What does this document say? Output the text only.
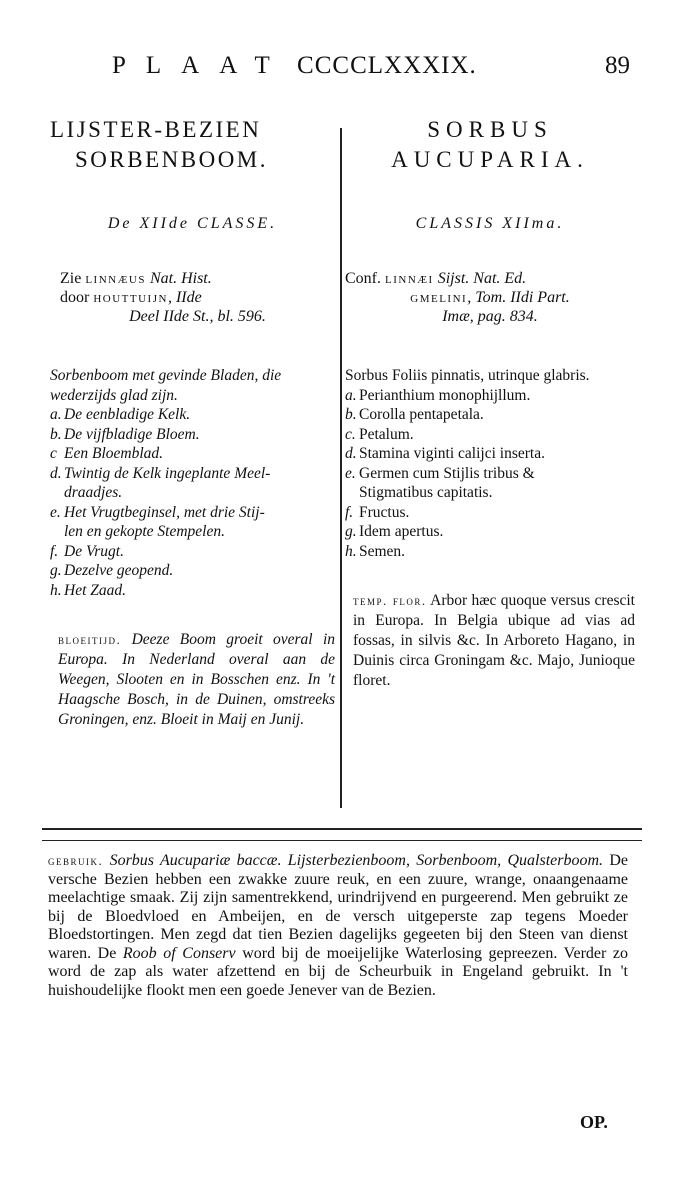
PLAAT CCCCLXXXIX.	89

LIJSTER-BEZIEN

SORBENBOOM.

De XIIde CLASSE.

Zie linnæus Nat. Hist.

door houttuijn, IIde

Deel IIde St., bl. 596.

Sorbenboom met gevinde Bladen, die wederzijds glad zijn.
a. De eenbladige Kelk.
b. De vijfbladige Bloem.
c Een Bloemblad.
d. Twintig de Kelk ingeplante Meel-
draadjes.
e. Het Vrugtbeginsel, met drie Stij-
len en gekopte Stempelen.
f. De Vrugt.
g. Dezelve geopend.
h. Het Zaad.
bloeitijd. Deeze Boom groeit overal in Europa. In Nederland overal aan de Weegen, Slooten en in Bosschen enz. In 't Haagsche Bosch, in de Duinen, omstreeks Groningen, enz. Bloeit in Maij en Junij.

SORBUS

AUCUPARIA.

CLASSIS XIIma.

Conf. linnæi Sijst. Nat. Ed.

gmelini, Tom. IIdi Part.

Imæ, pag. 834.

Sorbus Foliis pinnatis, utrinque glabris.
a. Perianthium monophijllum.
b. Corolla pentapetala.
c. Petalum.
d. Stamina viginti calijci inserta.
e. Germen cum Stijlis tribus &
Stigmatibus capitatis.
f. Fructus.
g. Idem apertus.
h. Semen.
temp. flor. Arbor hæc quoque versus crescit in Europa. In Belgia ubique ad vias ad fossas, in silvis &c. In Arboreto Hagano, in Duinis circa Groningam &c. Majo, Junioque floret.

gebruik. Sorbus Aucupariæ baccæ. Lijsterbezienboom, Sorbenboom, Qualsterboom. De versche Bezien hebben een zwakke zuure reuk, en een zuure, wrange, onaangenaame meelachtige smaak. Zij zijn samentrekkend, urindrijvend en purgeerend. Men gebruikt ze bij de Bloedvloed en Ambeijen, en de versch uitgeperste zap tegens Moeder Bloedstortingen. Men zegd dat tien Bezien dagelijks gegeeten bij den Steen van dienst waren. De Roob of Conserv word bij de moeijelijke Waterlosing gepreezen. Verder zo word de zap als water afzettend en bij de Scheurbuik in Engeland gebruikt. In 't huishoudelijke flookt men een goede Jenever van de Bezien.

OP.
